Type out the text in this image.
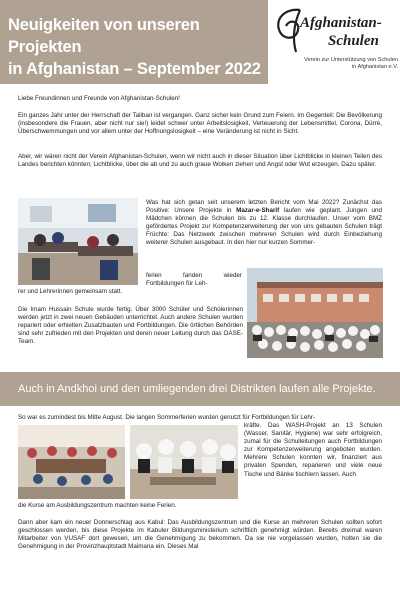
Neuigkeiten von unseren Projekten
in Afghanistan – September 2022
Afghanistan-
Schulen
Verein zur Unterstützung von Schulen
in Afghanistan e.V.

Liebe Freundinnen und Freunde von Afghanistan-Schulen!

Ein ganzes Jahr unter der Herrschaft der Taliban ist vergangen. Ganz sicher kein Grund zum Feiern. Im Gegenteil: Die Bevölkerung (insbesondere die Frauen, aber nicht nur sie!) leidet schwer unter Arbeitslosigkeit, Verteuerung der Lebensmittel, Corona, Dürre, Überschwemmungen und vor allem unter der Hoffnungslosigkeit – eine Veränderung ist nicht in Sicht.

Aber, wir wären nicht der Verein Afghanistan-Schulen, wenn wir nicht auch in dieser Situation über Lichtblicke in kleinen Teilen des Landes berichten könnten; Lichtblicke, über die ab und zu auch graue Wolken ziehen und Angst oder Wut erzeugen. Dazu später.

Was hat sich getan seit unserem letzten Bericht vom Mai 2022? Zunächst das Positive: Unsere Projekte in Mazar-e-Sharif laufen wie geplant. Jungen und Mädchen können die Schulen bis zu 12. Klasse durchlaufen. Unser vom BMZ gefördertes Projekt zur Kompetenzerweiterung der von uns gebauten Schulen trägt Früchte: Das Netzwerk zwischen mehreren Schulen wird durch Einbeziehung weiterer Schulen ausgebaut. In den hier nur kurzen Sommer-
ferien fanden wieder Fortbildungen für Leh-

rer und Lehrerinnen gemeinsam statt.

Die Imam Hussain Schule wurde fertig. Über 3000 Schüler und Schülerinnen werden jetzt in zwei neuen Gebäuden unterrichtet. Auch andere Schulen wurden repariert oder erhielten Zusatzbauten und Fortbildungen. Die örtlichen Behörden sind sehr zufrieden mit den Projekten und deren neuer Leitung durch das OASE-Team.

Auch in Andkhoi und den umliegenden drei Distrikten laufen alle Projekte.

So war es zumindest bis Mitte August. Die langen Sommerferien wurden genutzt für Fortbildungen für Lehr-

kräfte. Das WASH-Projekt an 13 Schulen (Wasser, Sanitär, Hygiene) war sehr erfolgreich, zumal für die Schulleitungen auch Fortbildungen zur Kompetenzerweiterung angeboten wurden. Mehrere Schulen konnten wir, finanziert aus privaten Spenden, reparieren und viele neue Tische und Bänke tischlern lassen. Auch

die Kurse am Ausbildungszentrum machten keine Ferien.

Dann aber kam ein neuer Donnerschlag aus Kabul: Das Ausbildungszentrum und die Kurse an mehreren Schulen sollten sofort geschlossen werden, bis diese Projekte im Kabuler Bildungsministerium schriftlich genehmigt würden. Bereits dreimal waren Mitarbeiter von VUSAF dort gewesen, um die Genehmigung zu bekommen. Da sie nie vorgelassen wurden, holten sie die Genehmigung in der Provinzhauptstadt Maimana ein. Dieses Mal
